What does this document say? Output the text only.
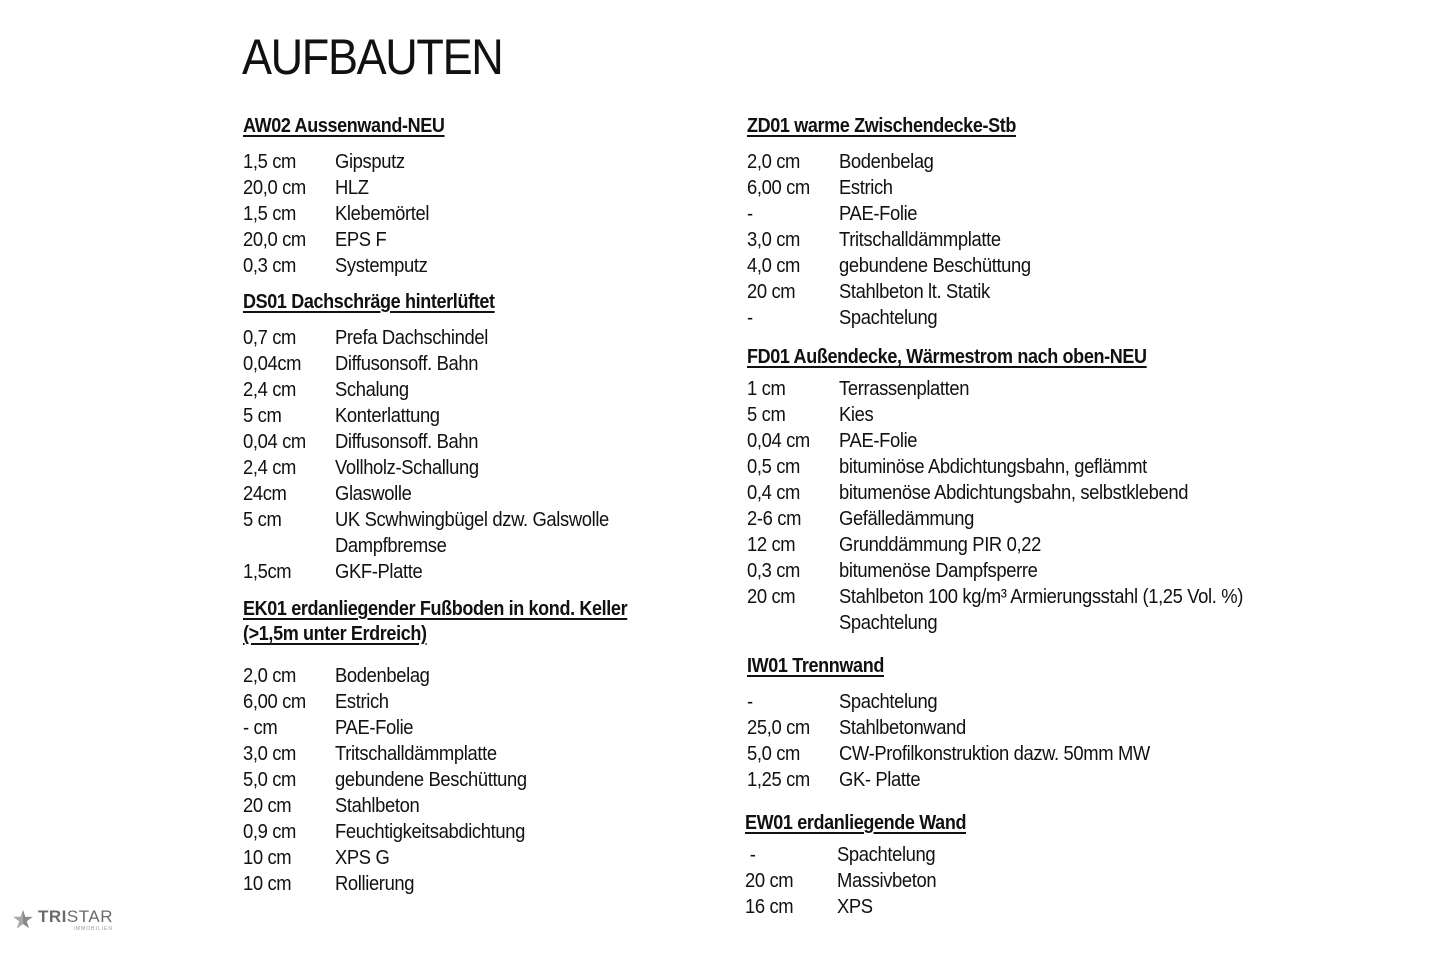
AUFBAUTEN
AW02 Aussenwand-NEU
1,5 cm	Gipsputz
20,0 cm	HLZ
1,5 cm	Klebemörtel
20,0 cm	EPS F
0,3 cm	Systemputz
DS01 Dachschräge hinterlüftet
0,7 cm	Prefa Dachschindel
0,04cm	Diffusonsoff. Bahn
2,4 cm	Schalung
5 cm	Konterlattung
0,04 cm	Diffusonsoff. Bahn
2,4 cm	Vollholz-Schallung
24cm	Glaswolle
5 cm	UK Scwhwingbügel dzw. Galswolle
Dampfbremse
1,5cm	GKF-Platte
EK01 erdanliegender Fußboden in kond. Keller
(>1,5m unter Erdreich)
2,0 cm	Bodenbelag
6,00 cm	Estrich
- cm	PAE-Folie
3,0 cm	Tritschalldämmplatte
5,0 cm	gebundene Beschüttung
20 cm	Stahlbeton
0,9 cm	Feuchtigkeitsabdichtung
10 cm	XPS G
10 cm	Rollierung
ZD01 warme Zwischendecke-Stb
2,0 cm	Bodenbelag
6,00 cm	Estrich
-	PAE-Folie
3,0 cm	Tritschalldämmplatte
4,0 cm	gebundene Beschüttung
20 cm	Stahlbeton lt. Statik
-	Spachtelung
FD01 Außendecke, Wärmestrom nach oben-NEU
1 cm	Terrassenplatten
5 cm	Kies
0,04 cm	PAE-Folie
0,5 cm	bituminöse Abdichtungsbahn, geflämmt
0,4 cm	bitumenöse Abdichtungsbahn, selbstklebend
2-6 cm	Gefälledämmung
12 cm	Grunddämmung PIR 0,22
0,3 cm	bitumenöse Dampfsperre
20 cm	Stahlbeton 100 kg/m³ Armierungsstahl (1,25 Vol. %)
Spachtelung
IW01 Trennwand
-	Spachtelung
25,0 cm	Stahlbetonwand
5,0 cm	CW-Profilkonstruktion dazw. 50mm MW
1,25 cm	GK- Platte
EW01 erdanliegende Wand
-	Spachtelung
20 cm	Massivbeton
16 cm	XPS
TRISTAR
IMMOBILIEN
